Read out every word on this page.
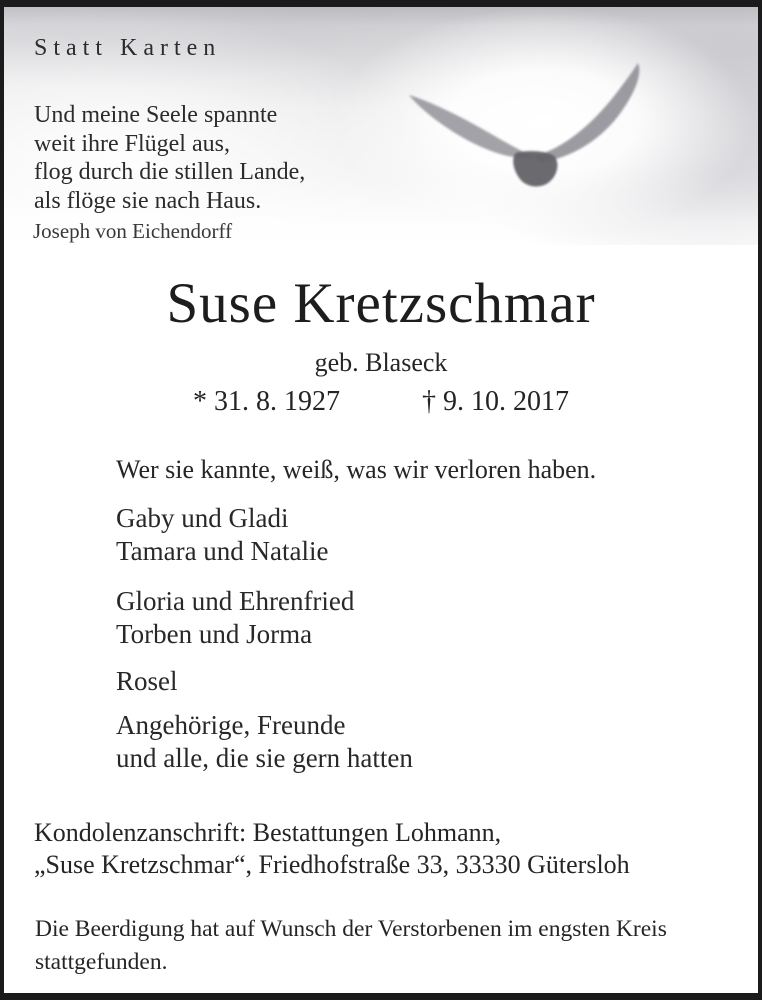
Statt Karten
Und meine Seele spannte
weit ihre Flügel aus,
flog durch die stillen Lande,
als flöge sie nach Haus.
Joseph von Eichendorff
Suse Kretzschmar
geb. Blaseck
* 31. 8. 1927	† 9. 10. 2017
Wer sie kannte, weiß, was wir verloren haben.
Gaby und Gladi
Tamara und Natalie
Gloria und Ehrenfried
Torben und Jorma
Rosel
Angehörige, Freunde
und alle, die sie gern hatten
Kondolenzanschrift: Bestattungen Lohmann,
„Suse Kretzschmar“, Friedhofstraße 33, 33330 Gütersloh
Die Beerdigung hat auf Wunsch der Verstorbenen im engsten Kreis
stattgefunden.
